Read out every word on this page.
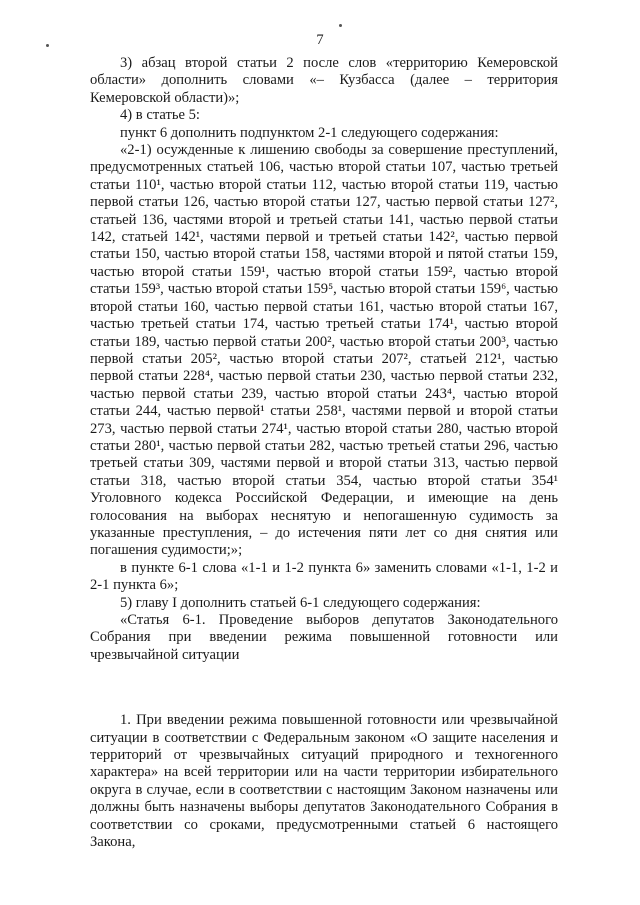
7

3) абзац второй статьи 2 после слов «территорию Кемеровской области» дополнить словами «– Кузбасса (далее – территория Кемеровской области)»;

4) в статье 5:

пункт 6 дополнить подпунктом 2-1 следующего содержания:

«2-1) осужденные к лишению свободы за совершение преступлений, предусмотренных статьей 106, частью второй статьи 107, частью третьей статьи 110¹, частью второй статьи 112, частью второй статьи 119, частью первой статьи 126, частью второй статьи 127, частью первой статьи 127², статьей 136, частями второй и третьей статьи 141, частью первой статьи 142, статьей 142¹, частями первой и третьей статьи 142², частью первой статьи 150, частью второй статьи 158, частями второй и пятой статьи 159, частью второй статьи 159¹, частью второй статьи 159², частью второй статьи 159³, частью второй статьи 159⁵, частью второй статьи 159⁶, частью второй статьи 160, частью первой статьи 161, частью второй статьи 167, частью третьей статьи 174, частью третьей статьи 174¹, частью второй статьи 189, частью первой статьи 200², частью второй статьи 200³, частью первой статьи 205², частью второй статьи 207², статьей 212¹, частью первой статьи 228⁴, частью первой статьи 230, частью первой статьи 232, частью первой статьи 239, частью второй статьи 243⁴, частью второй статьи 244, частью первой¹ статьи 258¹, частями первой и второй статьи 273, частью первой статьи 274¹, частью второй статьи 280, частью второй статьи 280¹, частью первой статьи 282, частью третьей статьи 296, частью третьей статьи 309, частями первой и второй статьи 313, частью первой статьи 318, частью второй статьи 354, частью второй статьи 354¹ Уголовного кодекса Российской Федерации, и имеющие на день голосования на выборах неснятую и непогашенную судимость за указанные преступления, – до истечения пяти лет со дня снятия или погашения судимости;»;

в пункте 6-1 слова «1-1 и 1-2 пункта 6» заменить словами «1-1, 1-2 и 2-1 пункта 6»;

5) главу I дополнить статьей 6-1 следующего содержания:

«Статья 6-1. Проведение выборов депутатов Законодательного Собрания при введении режима повышенной готовности или чрезвычайной ситуации

1. При введении режима повышенной готовности или чрезвычайной ситуации в соответствии с Федеральным законом «О защите населения и территорий от чрезвычайных ситуаций природного и техногенного характера» на всей территории или на части территории избирательного округа в случае, если в соответствии с настоящим Законом назначены или должны быть назначены выборы депутатов Законодательного Собрания в соответствии со сроками, предусмотренными статьей 6 настоящего Закона,
